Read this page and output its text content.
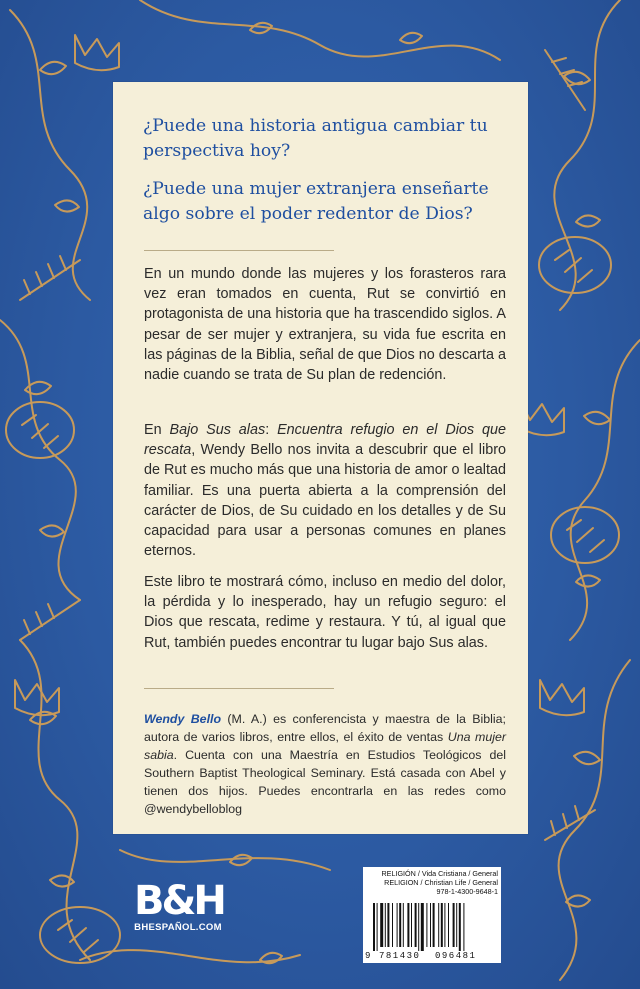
¿Puede una historia antigua cambiar tu perspectiva hoy?

¿Puede una mujer extranjera enseñarte algo sobre el poder redentor de Dios?

En un mundo donde las mujeres y los forasteros rara vez eran tomados en cuenta, Rut se convirtió en protagonista de una historia que ha trascendido siglos. A pesar de ser mujer y extranjera, su vida fue escrita en las páginas de la Biblia, señal de que Dios no descarta a nadie cuando se trata de Su plan de redención.

En Bajo Sus alas: Encuentra refugio en el Dios que rescata, Wendy Bello nos invita a descubrir que el libro de Rut es mucho más que una historia de amor o lealtad familiar. Es una puerta abierta a la comprensión del carácter de Dios, de Su cuidado en los detalles y de Su capacidad para usar a personas comunes en planes eternos.

Este libro te mostrará cómo, incluso en medio del dolor, la pérdida y lo inesperado, hay un refugio seguro: el Dios que rescata, redime y restaura. Y tú, al igual que Rut, también puedes encontrar tu lugar bajo Sus alas.

Wendy Bello (M. A.) es conferencista y maestra de la Biblia; autora de varios libros, entre ellos, el éxito de ventas Una mujer sabia. Cuenta con una Maestría en Estudios Teológicos del Southern Baptist Theological Seminary. Está casada con Abel y tienen dos hijos. Puedes encontrarla en las redes como @wendybelloblog

B&H
BHESPAÑOL.COM
RELIGIÓN / Vida Cristiana / General
RELIGION / Christian Life / General
978-1-4300-9648-1
9 781430 096481
